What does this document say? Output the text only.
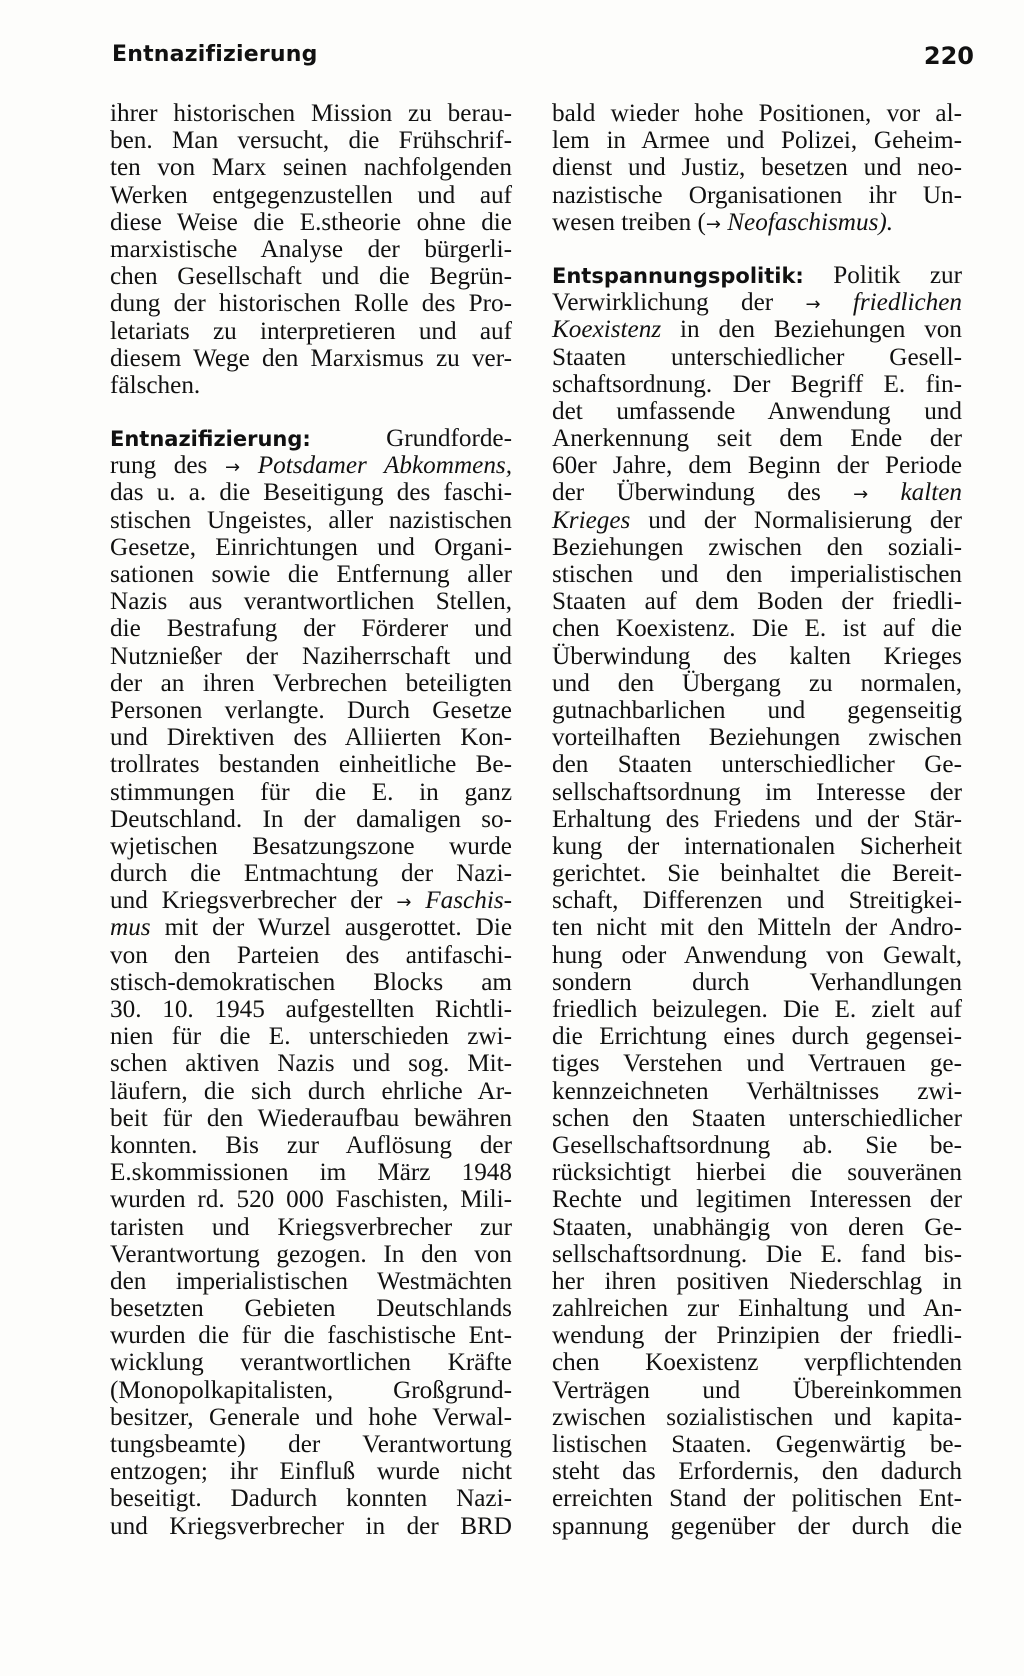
Entnazifizierung	220
ihrer historischen Mission zu berau-
ben. Man versucht, die Frühschrif-
ten von Marx seinen nachfolgenden
Werken entgegenzustellen und auf
diese Weise die E.stheorie ohne die
marxistische Analyse der bürgerli-
chen Gesellschaft und die Begrün-
dung der historischen Rolle des Pro-
letariats zu interpretieren und auf
diesem Wege den Marxismus zu ver-
fälschen.
Entnazifizierung:	Grundforde-
rung des → Potsdamer Abkommens,
das u. a. die Beseitigung des faschi-
stischen Ungeistes, aller nazistischen
Gesetze, Einrichtungen und Organi-
sationen sowie die Entfernung aller
Nazis aus verantwortlichen Stellen,
die Bestrafung der Förderer und
Nutznießer der Naziherrschaft und
der an ihren Verbrechen beteiligten
Personen verlangte. Durch Gesetze
und Direktiven des Alliierten Kon-
trollrates bestanden einheitliche Be-
stimmungen für die E. in ganz
Deutschland. In der damaligen so-
wjetischen Besatzungszone wurde
durch die Entmachtung der Nazi-
und Kriegsverbrecher der → Faschis-
mus mit der Wurzel ausgerottet. Die
von den Parteien des antifaschi-
stisch-demokratischen Blocks am
30. 10. 1945 aufgestellten Richtli-
nien für die E. unterschieden zwi-
schen aktiven Nazis und sog. Mit-
läufern, die sich durch ehrliche Ar-
beit für den Wiederaufbau bewähren
konnten. Bis zur Auflösung der
E.skommissionen im März 1948
wurden rd. 520 000 Faschisten, Mili-
taristen und Kriegsverbrecher zur
Verantwortung gezogen. In den von
den imperialistischen Westmächten
besetzten Gebieten Deutschlands
wurden die für die faschistische Ent-
wicklung verantwortlichen Kräfte
(Monopolkapitalisten, Großgrund-
besitzer, Generale und hohe Verwal-
tungsbeamte) der Verantwortung
entzogen; ihr Einfluß wurde nicht
beseitigt. Dadurch konnten Nazi-
und Kriegsverbrecher in der BRD
bald wieder hohe Positionen, vor al-
lem in Armee und Polizei, Geheim-
dienst und Justiz, besetzen und neo-
nazistische Organisationen ihr Un-
wesen treiben (→ Neofaschismus).
Entspannungspolitik: Politik zur
Verwirklichung der → friedlichen
Koexistenz in den Beziehungen von
Staaten unterschiedlicher Gesell-
schaftsordnung. Der Begriff E. fin-
det umfassende Anwendung und
Anerkennung seit dem Ende der
60er Jahre, dem Beginn der Periode
der Überwindung des → kalten
Krieges und der Normalisierung der
Beziehungen zwischen den soziali-
stischen und den imperialistischen
Staaten auf dem Boden der friedli-
chen Koexistenz. Die E. ist auf die
Überwindung des kalten Krieges
und den Übergang zu normalen,
gutnachbarlichen und gegenseitig
vorteilhaften Beziehungen zwischen
den Staaten unterschiedlicher Ge-
sellschaftsordnung im Interesse der
Erhaltung des Friedens und der Stär-
kung der internationalen Sicherheit
gerichtet. Sie beinhaltet die Bereit-
schaft, Differenzen und Streitigkei-
ten nicht mit den Mitteln der Andro-
hung oder Anwendung von Gewalt,
sondern durch Verhandlungen
friedlich beizulegen. Die E. zielt auf
die Errichtung eines durch gegensei-
tiges Verstehen und Vertrauen ge-
kennzeichneten Verhältnisses zwi-
schen den Staaten unterschiedlicher
Gesellschaftsordnung ab. Sie be-
rücksichtigt hierbei die souveränen
Rechte und legitimen Interessen der
Staaten, unabhängig von deren Ge-
sellschaftsordnung. Die E. fand bis-
her ihren positiven Niederschlag in
zahlreichen zur Einhaltung und An-
wendung der Prinzipien der friedli-
chen Koexistenz verpflichtenden
Verträgen und Übereinkommen
zwischen sozialistischen und kapita-
listischen Staaten. Gegenwärtig be-
steht das Erfordernis, den dadurch
erreichten Stand der politischen Ent-
spannung gegenüber der durch die
